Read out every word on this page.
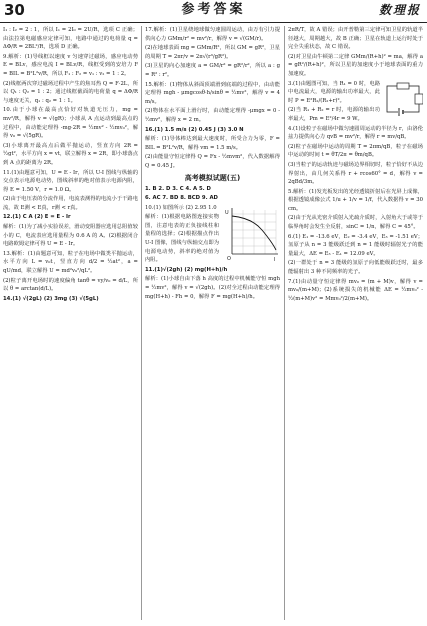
30	参考答案	数理报

I₁ : I₂ = 2 : 1，所以 I₁ = 2I₀ = 2U/R，选项 C 正确；由法拉第电磁感应定律可知，电路中通过的电荷量 q = ΔΦ/R = 2BL²/R，选项 D 正确。

9.解析：(1)导线框以速度 v 匀速穿过磁场，感应电动势 E = BLv，感应电流 I = BLv/R，线框受到的安培力 F = BIL = B²L²v/R，所以 F₁ : F₂ = v₁ : v₂ = 1 : 2。

(2)线框两次穿过磁场过程中产生的焦耳热 Q = F·2L，所以 Q₁ : Q₂ = 1 : 2；通过线框截面的电荷量 q = ΔΦ/R 与速度无关，q₁ : q₂ = 1 : 1。

10.由于小球在最高点恰好对轨道无压力，mg = mv²/R，解得 v = √(gR)；小球从 A 点运动到最高点的过程中，由动能定理得 -mg·2R = ½mv² - ½mv₀²，解得 v₀ = √(5gR)。

(3)小球离开最高点后做平抛运动，竖直方向 2R = ½gt²，水平方向 x = vt，联立解得 x = 2R，即小球落点到 A 点的距离为 2R。

11.(1)由题意可知，U = E - Ir，所以 U-I 图线与纵轴的交点表示电源电动势，图线斜率的绝对值表示电源内阻，得 E = 1.50 V，r = 1.0 Ω。

(2)由于电压表的分流作用，电流表测得的电流小于干路电流，故 E测 < E真，r测 < r真。

12.(1) C A (2) E = E - Ir

解析：(1)为了减小实验误差，滑动变阻器应选用总阻值较小的 C，电流表应选用量程为 0.6 A 的 A。(2)根据闭合电路欧姆定律可得 U = E - Ir。

13.解析：(1)由题意可知，粒子在电场中做类平抛运动，水平方向 L = v₀t，竖直方向 d/2 = ½at²，a = qU/md，联立解得 U = md²v₀²/qL²。

(2)粒子离开电场时的速度偏角 tanθ = vy/v₀ = d/L，所以 θ = arctan(d/L)。

14.(1) √(2gL) (2) 3mg (3) √(5gL)

17.解析：(1)卫星绕地球做匀速圆周运动，由万有引力提供向心力 GMm/r² = mv²/r，解得 v = √(GM/r)。

(2)在地球表面 mg = GMm/R²，所以 GM = gR²，卫星的周期 T = 2πr/v = 2π√(r³/gR²)。

(3)卫星的向心加速度 a = GM/r² = gR²/r²，所以 a : g = R² : r²。

15.解析：(1)物体从斜面顶端滑到底端的过程中，由动能定理得 mgh - μmgcosθ·h/sinθ = ½mv²，解得 v = 4 m/s。

(2)物体在水平面上滑行时，由动能定理得 -μmgx = 0 - ½mv²，解得 x = 2 m。

16.(1) 1.5 m/s (2) 0.45 J (3) 3.0 N

解析：(1)导体棒达到最大速度时，所受合力为零，F = BIL = B²L²v/R，解得 vm = 1.5 m/s。

(2)由能量守恒定律得 Q = Fx - ½mvm²，代入数据解得 Q = 0.45 J。

高考模拟试题(五)

1. B 2. D 3. C 4. A 5. D

6. AC 7. BD 8. BCD 9. AD

U
I
O

10.(1) 如图所示 (2) 2.95 1.0

解析：(1)根据电路图连接实物图，注意电表的正负接线柱和量程的选择；(2)根据描点作出 U-I 图像，图线与纵轴交点即为电源电动势，斜率的绝对值为内阻。

11.(1)√(2gh) (2) mg(H+h)/h

解析：(1)小球自由下落 h 高度的过程中机械能守恒 mgh = ½mv²，解得 v = √(2gh)。(2)对全过程由动能定理得 mg(H+h) - Fh = 0，解得 F = mg(H+h)/h。

2πR/T，故 A 错误；由开普勒第三定律可知卫星的轨道半径越大，周期越大，故 B 正确；卫星在轨道上运行时处于完全失重状态，故 C 错误。

(2)对卫星由牛顿第二定律 GMm/(R+h)² = ma，解得 a = gR²/(R+h)²，所以卫星的加速度小于地球表面的重力加速度。

3.(1)由题图可知，当 R₁ = 0 时，电路中电流最大，电源的输出功率最大，此时 P = E²R₂/(R₂+r)²。

(2)当 R₁ + R₂ = r 时，电源的输出功率最大，Pm = E²/4r = 9 W。

4.(1)设粒子在磁场中做匀速圆周运动的半径为 r，由洛伦兹力提供向心力 qvB = mv²/r，解得 r = mv/qB。

(2)粒子在磁场中运动的周期 T = 2πm/qB，粒子在磁场中运动的时间 t = θT/2π = θm/qB。

(3)当粒子的运动轨迹与磁场边界相切时，粒子恰好不从边界射出，由几何关系得 r + rcos60° = d，解得 v = 2qBd/3m。

5.解析：(1)发光板发出的光经透镜折射后在光屏上成像，根据透镜成像公式 1/u + 1/v = 1/f，代入数据得 v = 30 cm。

(2)由于光从光密介质射入光疏介质时，入射角大于或等于临界角时会发生全反射，sinC = 1/n，解得 C = 45°。

6.(1) E₁ = -13.6 eV，E₂ = -3.4 eV，E₃ = -1.51 eV；氢原子从 n = 3 能级跃迁到 n = 1 能级时辐射光子的能量最大，ΔE = E₃ - E₁ = 12.09 eV。

(2)一群处于 n = 3 能级的氢原子向低能级跃迁时，最多能辐射出 3 种不同频率的光子。

7.(1)由动量守恒定律得 mv₀ = (m + M)v，解得 v = mv₀/(m+M)；(2)系统损失的机械能 ΔE = ½mv₀² - ½(m+M)v² = Mmv₀²/2(m+M)。
